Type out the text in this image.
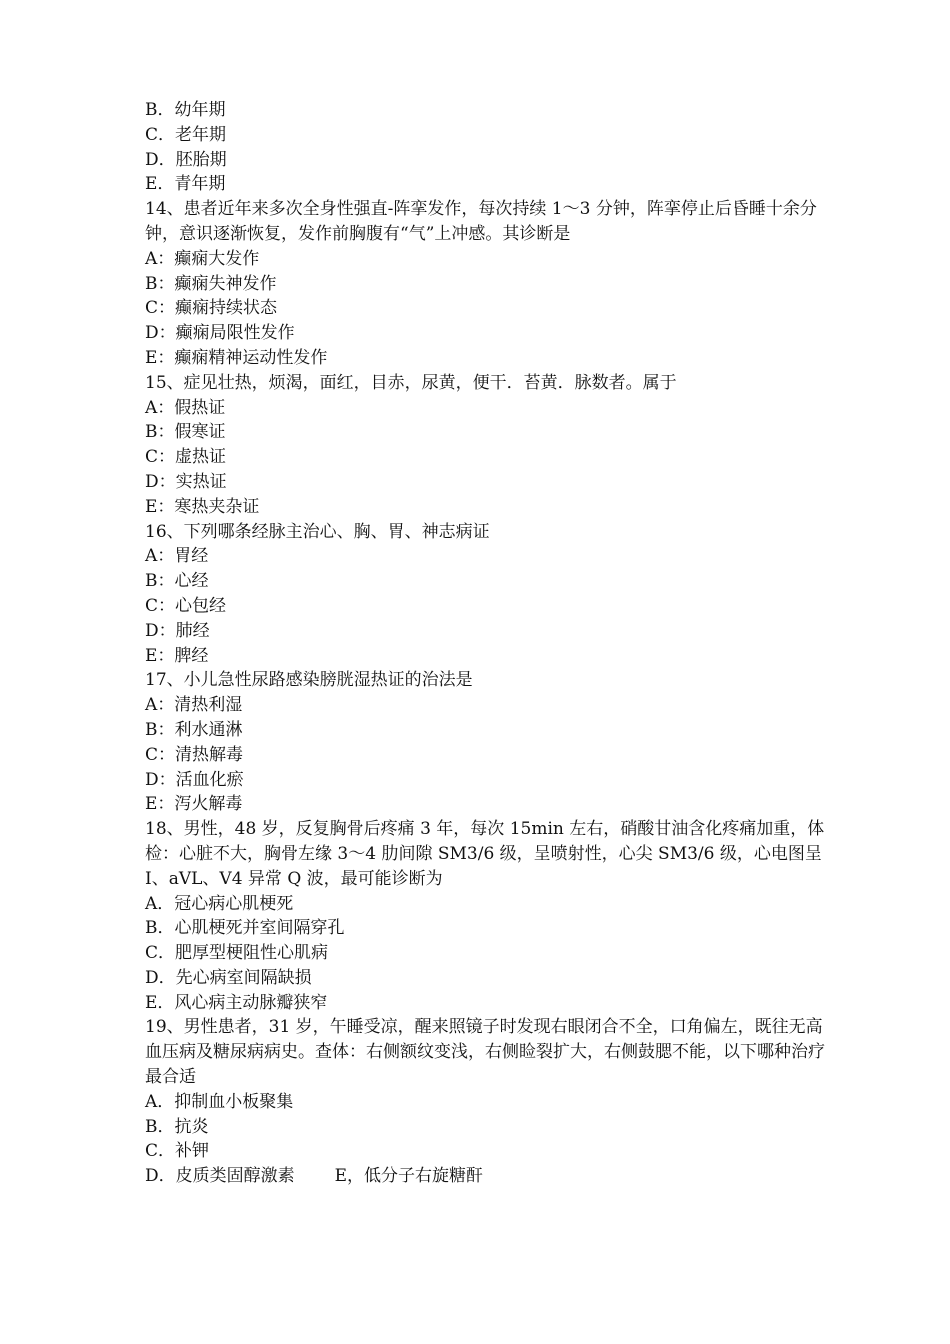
B．幼年期
C．老年期
D．胚胎期
E．青年期
14、患者近年来多次全身性强直-阵挛发作，每次持续 1～3 分钟，阵挛停止后昏睡十余分钟，意识逐渐恢复，发作前胸腹有“气”上冲感。其诊断是
A：癫痫大发作
B：癫痫失神发作
C：癫痫持续状态
D：癫痫局限性发作
E：癫痫精神运动性发作
15、症见壮热，烦渴，面红，目赤，尿黄，便干．苔黄．脉数者。属于
A：假热证
B：假寒证
C：虚热证
D：实热证
E：寒热夹杂证
16、下列哪条经脉主治心、胸、胃、神志病证
A：胃经
B：心经
C：心包经
D：肺经
E：脾经
17、小儿急性尿路感染膀胱湿热证的治法是
A：清热利湿
B：利水通淋
C：清热解毒
D：活血化瘀
E：泻火解毒
18、男性，48 岁，反复胸骨后疼痛 3 年，每次 15min 左右，硝酸甘油含化疼痛加重，体检：心脏不大，胸骨左缘 3～4 肋间隙 SM3/6 级，呈喷射性，心尖 SM3/6 级，心电图呈Ⅰ、aVL、V4 异常 Q 波，最可能诊断为
A．冠心病心肌梗死
B．心肌梗死并室间隔穿孔
C．肥厚型梗阻性心肌病
D．先心病室间隔缺损
E．风心病主动脉瓣狭窄
19、男性患者，31 岁，午睡受凉，醒来照镜子时发现右眼闭合不全，口角偏左，既往无高血压病及糖尿病病史。查体：右侧额纹变浅，右侧睑裂扩大，右侧鼓腮不能，以下哪种治疗最合适
A．抑制血小板聚集
B．抗炎
C．补钾
D．皮质类固醇激素 E，低分子右旋糖酐
